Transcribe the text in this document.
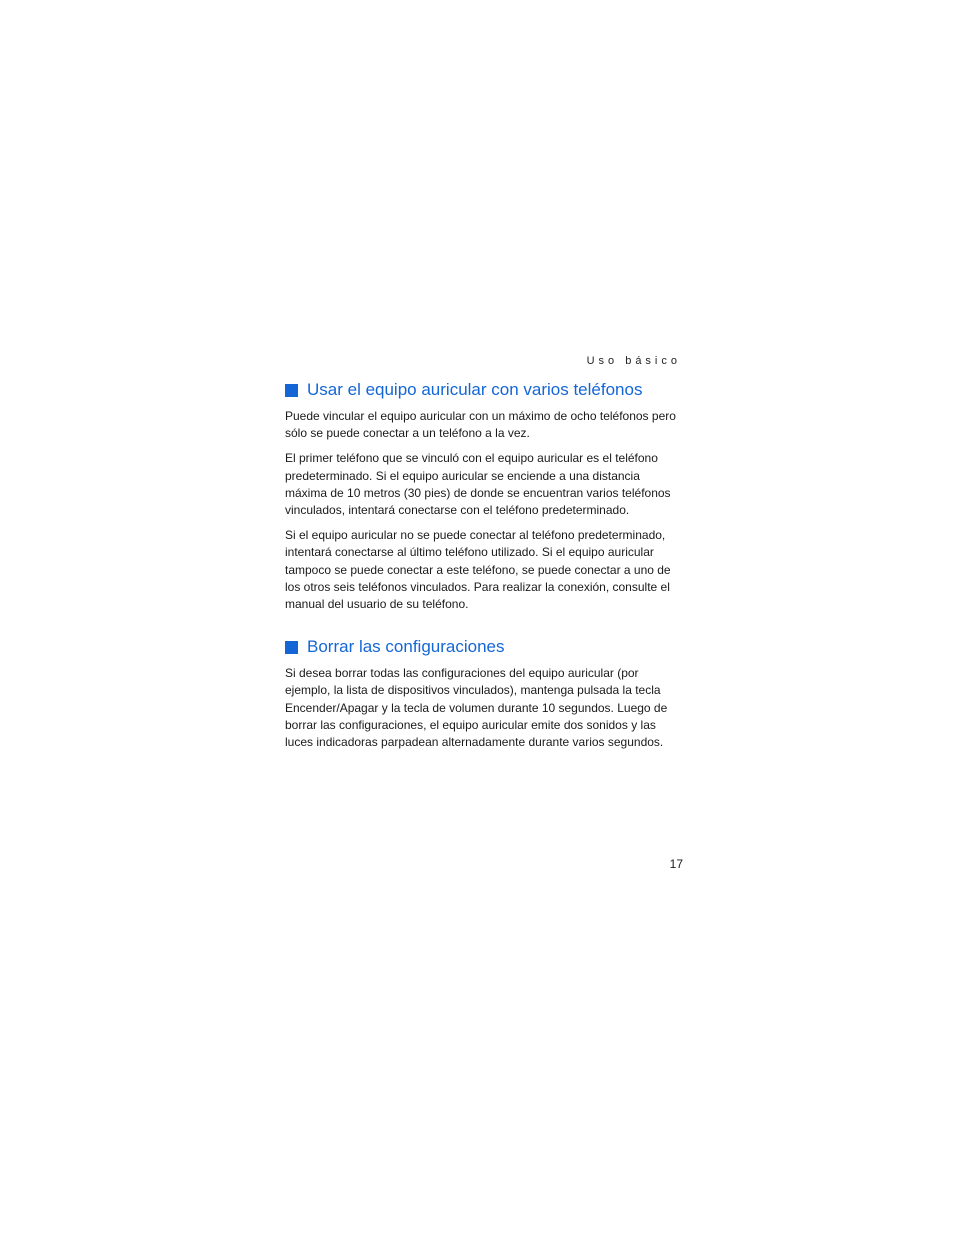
Uso básico
Usar el equipo auricular con varios teléfonos

Puede vincular el equipo auricular con un máximo de ocho teléfonos pero sólo se puede conectar a un teléfono a la vez.

El primer teléfono que se vinculó con el equipo auricular es el teléfono predeterminado. Si el equipo auricular se enciende a una distancia máxima de 10 metros (30 pies) de donde se encuentran varios teléfonos vinculados, intentará conectarse con el teléfono predeterminado.

Si el equipo auricular no se puede conectar al teléfono predeterminado, intentará conectarse al último teléfono utilizado. Si el equipo auricular tampoco se puede conectar a este teléfono, se puede conectar a uno de los otros seis teléfonos vinculados. Para realizar la conexión, consulte el manual del usuario de su teléfono.

Borrar las configuraciones

Si desea borrar todas las configuraciones del equipo auricular (por ejemplo, la lista de dispositivos vinculados), mantenga pulsada la tecla Encender/Apagar y la tecla de volumen durante 10 segundos. Luego de borrar las configuraciones, el equipo auricular emite dos sonidos y las luces indicadoras parpadean alternadamente durante varios segundos.

17
